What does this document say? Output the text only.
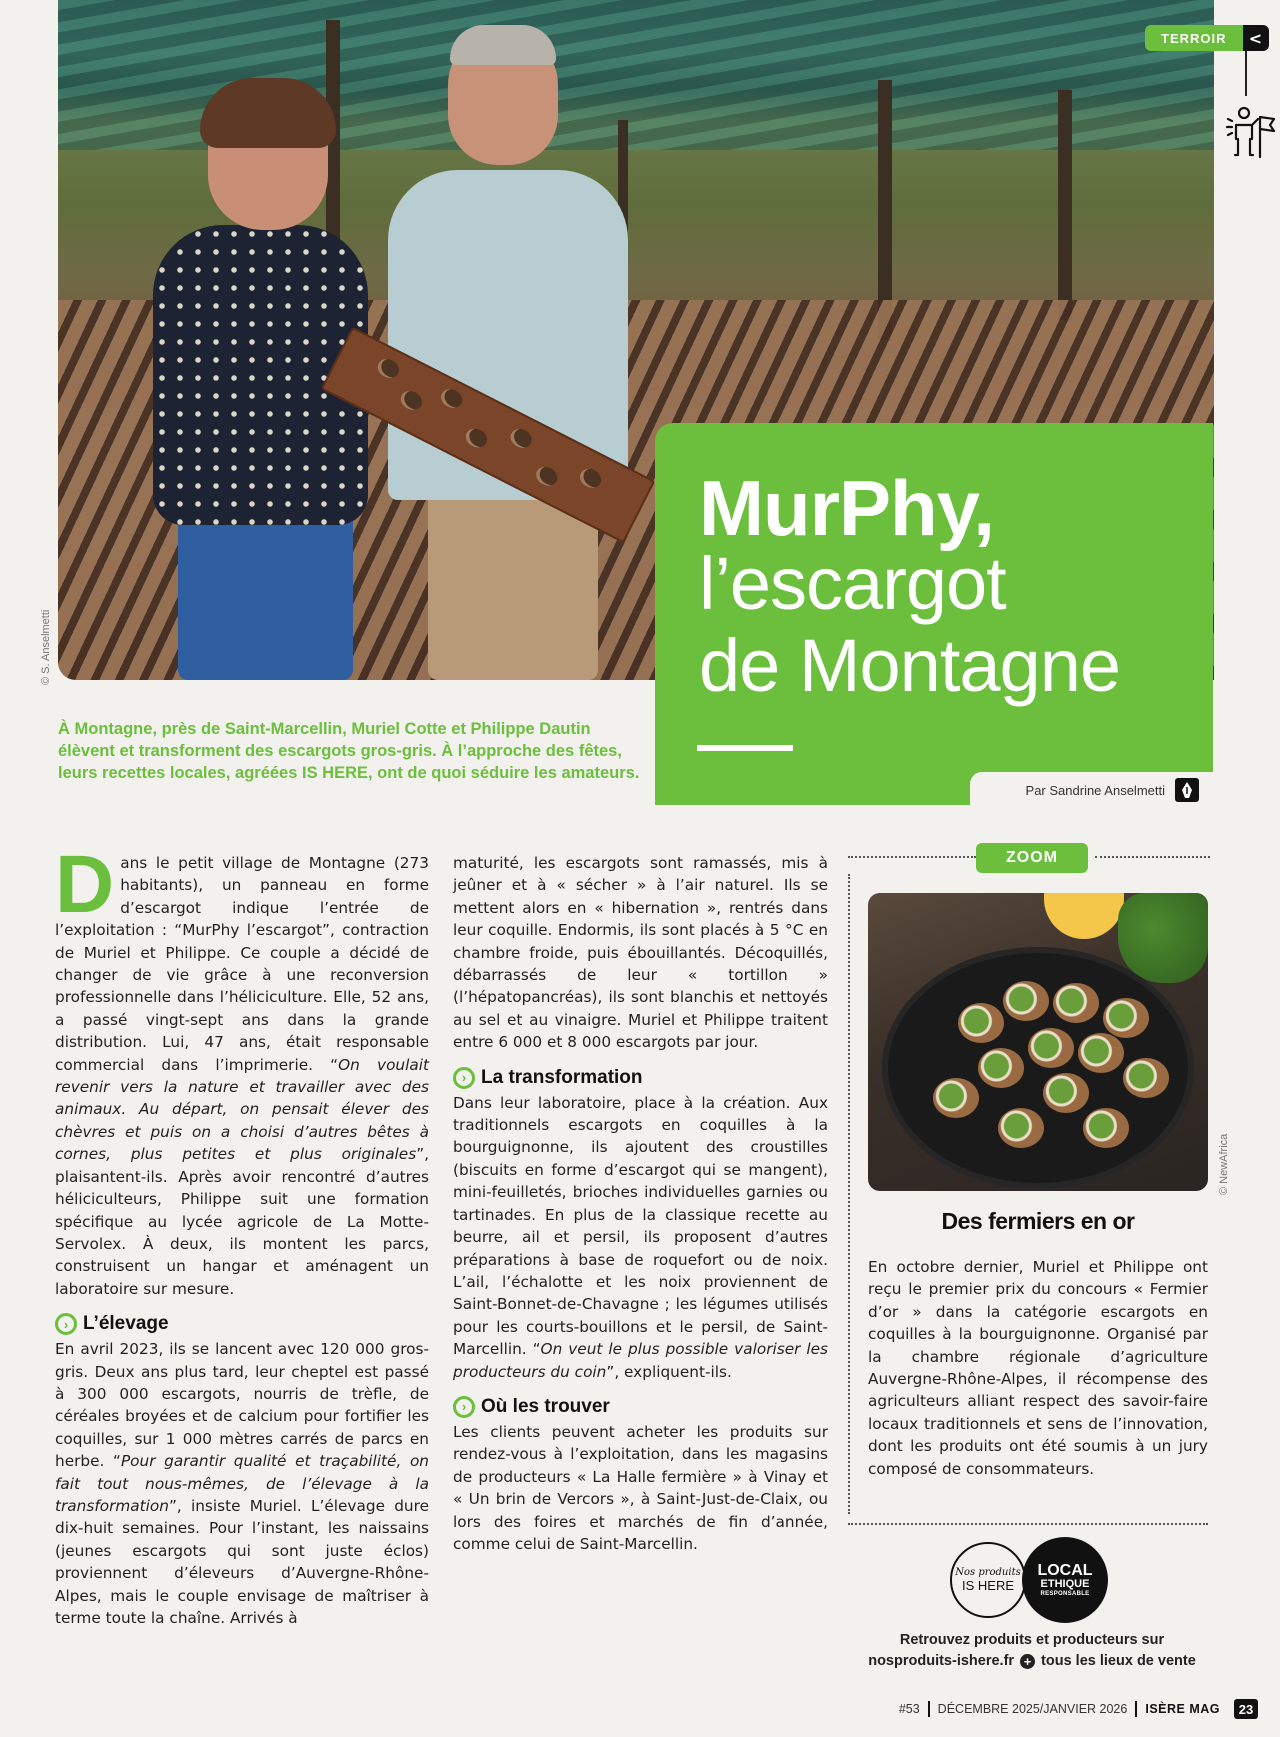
© S. Anselmetti
TERROIR	<
MurPhy,
l’escargot
de Montagne
Par Sandrine Anselmetti

À Montagne, près de Saint-Marcellin, Muriel Cotte et Philippe Dautin élèvent et transforment des escargots gros-gris. À l’approche des fêtes, leurs recettes locales, agréées IS HERE, ont de quoi séduire les amateurs.

Dans le petit village de Montagne (273 habitants), un panneau en forme d’escargot indique l’entrée de l’exploitation : “MurPhy l’escargot”, contraction de Muriel et Philippe. Ce couple a décidé de changer de vie grâce à une reconversion professionnelle dans l’héliciculture. Elle, 52 ans, a passé vingt-sept ans dans la grande distribution. Lui, 47 ans, était responsable commercial dans l’imprimerie. “On voulait revenir vers la nature et travailler avec des animaux. Au départ, on pensait élever des chèvres et puis on a choisi d’autres bêtes à cornes, plus petites et plus originales”, plaisantent-ils. Après avoir rencontré d’autres héliciculteurs, Philippe suit une formation spécifique au lycée agricole de La Motte-Servolex. À deux, ils montent les parcs, construisent un hangar et aménagent un laboratoire sur mesure.

› L’élevage

En avril 2023, ils se lancent avec 120 000 gros-gris. Deux ans plus tard, leur cheptel est passé à 300 000 escargots, nourris de trèfle, de céréales broyées et de calcium pour fortifier les coquilles, sur 1 000 mètres carrés de parcs en herbe. “Pour garantir qualité et traçabilité, on fait tout nous-mêmes, de l’élevage à la transformation”, insiste Muriel. L’élevage dure dix-huit semaines. Pour l’instant, les naissains (jeunes escargots qui sont juste éclos) proviennent d’éleveurs d’Auvergne-Rhône-Alpes, mais le couple envisage de maîtriser à terme toute la chaîne. Arrivés à

maturité, les escargots sont ramassés, mis à jeûner et à « sécher » à l’air naturel. Ils se mettent alors en « hibernation », rentrés dans leur coquille. Endormis, ils sont placés à 5 °C en chambre froide, puis ébouillantés. Décoquillés, débarrassés de leur « tortillon » (l’hépatopancréas), ils sont blanchis et nettoyés au sel et au vinaigre. Muriel et Philippe traitent entre 6 000 et 8 000 escargots par jour.

› La transformation

Dans leur laboratoire, place à la création. Aux traditionnels escargots en coquilles à la bourguignonne, ils ajoutent des croustilles (biscuits en forme d’escargot qui se mangent), mini-feuilletés, brioches individuelles garnies ou tartinades. En plus de la classique recette au beurre, ail et persil, ils proposent d’autres préparations à base de roquefort ou de noix. L’ail, l’échalotte et les noix proviennent de Saint-Bonnet-de-Chavagne ; les légumes utilisés pour les courts-bouillons et le persil, de Saint-Marcellin. “On veut le plus possible valoriser les producteurs du coin”, expliquent-ils.

› Où les trouver

Les clients peuvent acheter les produits sur rendez-vous à l’exploitation, dans les magasins de producteurs « La Halle fermière » à Vinay et « Un brin de Vercors », à Saint-Just-de-Claix, ou lors des foires et marchés de fin d’année, comme celui de Saint-Marcellin.

ZOOM
© NewAfrica
Des fermiers en or

En octobre dernier, Muriel et Philippe ont reçu le premier prix du concours « Fermier d’or » dans la catégorie escargots en coquilles à la bourguignonne. Organisé par la chambre régionale d’agriculture Auvergne-Rhône-Alpes, il récompense des agriculteurs alliant respect des savoir-faire locaux traditionnels et sens de l’innovation, dont les produits ont été soumis à un jury composé de consommateurs.

Nos produits
IS HERE
LOCAL
ETHIQUE
RESPONSABLE
Retrouvez produits et producteurs sur
nosproduits-ishere.fr + tous les lieux de vente
#53 DÉCEMBRE 2025/JANVIER 2026 ISÈRE MAG	23
